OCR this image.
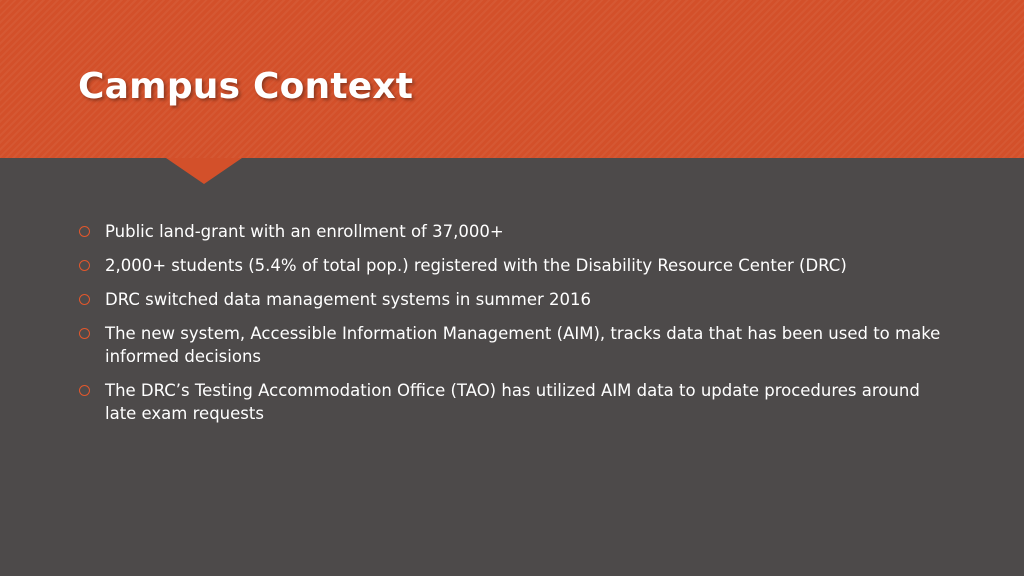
Campus Context
Public land-grant with an enrollment of 37,000+
2,000+ students (5.4% of total pop.) registered with the Disability Resource Center (DRC)
DRC switched data management systems in summer 2016
The new system, Accessible Information Management (AIM), tracks data that has been used to make informed decisions
The DRC’s Testing Accommodation Office (TAO) has utilized AIM data to update procedures around late exam requests
